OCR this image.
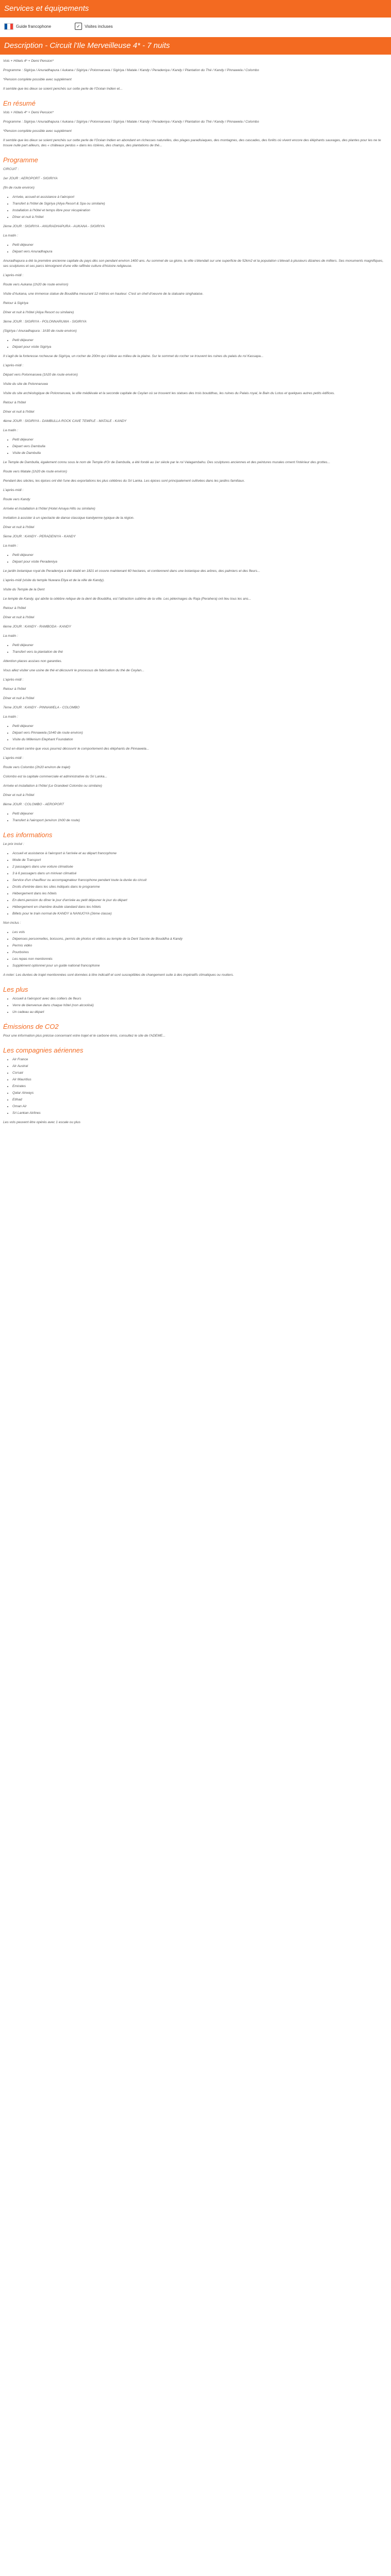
Services et équipements
Guide francophone	✓	Visites incluses
Description - Circuit l'Ile Merveilleuse 4* - 7 nuits

Vols + Hôtels 4* + Demi Pension*

Programme : Sigiriya / Anuradhapura / Aukana / Sigiriya / Polonnaruwa / Sigiriya / Matale / Kandy / Peradeniya / Kandy / Plantation du Thé / Kandy / Pinnawela / Colombo

*Pension complète possible avec supplément

Il semble que les dieux se soient penchés sur cette perle de l'Océan Indien et...

En résumé

Vols + Hôtels 4* + Demi Pension*

Programme : Sigiriya / Anuradhapura / Aukana / Sigiriya / Polonnaruwa / Sigiriya / Matale / Kandy / Peradeniya / Kandy / Plantation du Thé / Kandy / Pinnawela / Colombo

*Pension complète possible avec supplément

Il semble que les dieux se soient penchés sur cette perle de l'Océan Indien en abondant en richesses naturelles, des plages paradisiaques, des montagnes, des cascades, des forêts où vivent encore des éléphants sauvages, des plantes pour les ne te trouve nulle part ailleurs, des « châteaux perdus » dans les rizières, des champs, des plantations de thé...

Programme

CIRCUIT :

1er JOUR : AEROPORT - SIGIRIYA

(fin de route environ)

• Arrivée, accueil et assistance à l'aéroport
• Transfert à l'hôtel de Sigiriya (Aliya Resort & Spa ou similaire)
• Installation à l'hôtel et temps libre pour récupération
• Dîner et nuit à l'hôtel

2ème JOUR : SIGIRIYA - ANURADHAPURA - AUKANA - SIGIRIYA

La matin :

• Petit déjeuner
• Départ vers Anuradhapura

Anuradhapura a été la première ancienne capitale du pays dès son pendant environ 1400 ans. Au sommet de sa gloire, la ville s'étendait sur une superficie de 52km2 et la population s'élevait à plusieurs dizaines de milliers. Ses monuments magnifiques, ses sculptures et ses parcs témoignent d'une ville raffinée culture d'histoire religieuse.

L'après-midi :

Route vers Aukana (1h20 de route environ)

Visite d'Aukana, une immense statue de Bouddha mesurant 12 mètres en hauteur. C'est un chef-d'oeuvre de la statuaire singhalaise.

Retour à Sigiriya

Dîner et nuit à l'hôtel (Aliya Resort ou similaire)

3ème JOUR : SIGIRIYA - POLONNARUWA - SIGIRIYA

(Sigiriya / Anuradhapura : 1h30 de route environ)

• Petit déjeuner
• Départ pour visite Sigiriya

Il s'agit de la forteresse rocheuse de Sigiriya, un rocher de 200m qui s'élève au milieu de la plaine. Sur le sommet du rocher se trouvent les ruines du palais du roi Kassapa...

L'après-midi :

Départ vers Polonnaruwa (1h20 de route environ)

Visite du site de Polonnaruwa

Visite du site archéologique de Polonnaruwa, la ville médiévale et la seconde capitale de Ceylan où se trouvent les statues des trois bouddhas, les ruines du Palais royal, le Bain du Lotus et quelques autres petits édifices.

Retour à l'hôtel

Dîner et nuit à l'hôtel

4ème JOUR : SIGIRIYA - DAMBULLA ROCK CAVE TEMPLE - MATALE - KANDY

La matin :

• Petit déjeuner
• Départ vers Dambulla
• Visite de Dambulla

Le Temple de Dambulla, également connu sous le nom de Temple d'Or de Dambulla, a été fondé au 1er siècle par le roi Valagambahu. Des sculptures anciennes et des peintures murales ornent l'intérieur des grottes...

Route vers Matale (1h20 de route environ)

Pendant des siècles, les épices ont été l'une des exportations les plus célèbres du Sri Lanka. Les épices sont principalement cultivées dans les jardins familiaux.

L'après-midi :

Route vers Kandy

Arrivée et installation à l'hôtel (Hotel Amaya Hills ou similaire)

Invitation à assister à un spectacle de danse classique kandyenne typique de la région.

Dîner et nuit à l'hôtel

5ème JOUR : KANDY - PERADENIYA - KANDY

La matin :

• Petit déjeuner
• Départ pour visite Peradeniya

Le jardin botanique royal de Peradeniya a été établi en 1821 et couvre maintenant 60 hectares, et contiennent dans une botanique des arbres, des palmiers et des fleurs...

L'après-midi (visite du temple Nuwara Eliya et de la ville de Kandy).

Visite du Temple de la Dent

Le temple de Kandy, qui abrite la célèbre relique de la dent de Bouddha, est l'attraction sublime de la ville. Les pèlerinages du Raja (Perahera) ont lieu tous les ans...

Retour à l'hôtel

Dîner et nuit à l'hôtel

6ème JOUR : KANDY - RAMBODA - KANDY

La matin :

• Petit déjeuner
• Transfert vers la plantation de thé

Attention places assises non garanties.

Vous allez visiter une usine de thé et découvrir le processus de fabrication du thé de Ceylan...

L'après-midi :

Retour à l'hôtel

Dîner et nuit à l'hôtel

7ème JOUR : KANDY - PINNAWELA - COLOMBO

La matin :

• Petit déjeuner
• Départ vers Pinnawela (1h40 de route environ)
• Visite du Millenium Elephant Foundation

C'est en étant centre que vous pourrez découvrir le comportement des éléphants de Pinnawela...

L'après-midi :

Route vers Colombo (2h20 environ de trajet)

Colombo est la capitale commerciale et administrative du Sri Lanka...

Arrivée et installation à l'hôtel (Le Grandeet Colombo ou similaire)

Dîner et nuit à l'hôtel

8ème JOUR : COLOMBO - AEROPORT

• Petit déjeuner
• Transfert à l'aéroport (environ 1h00 de route)
Les informations

Le prix inclut :

• Accueil et assistance à l'aéroport à l'arrivée et au départ francophone
• Mode de Transport
• 2 passagers dans une voiture climatisée
• 3 à 6 passagers dans un minivan climatisé
• Service d'un chauffeur ou accompagnateur francophone pendant toute la durée du circuit
• Droits d'entrée dans les sites indiqués dans le programme
• Hébergement dans les hôtels
• En demi-pension du dîner le jour d'arrivée au petit déjeuner le jour du départ
• Hébergement en chambre double standard dans les hôtels
• Billets pour le train normal de KANDY à NANUOYA (2ème classe)

Non inclus :

• Les vols
• Dépenses personnelles, boissons, permis de photos et vidéos au temple de la Dent Sacrée de Bouddha à Kandy
• Permis vidéo
• Pourboires
• Les repas non mentionnés
• Supplément optionnel pour un guide national francophone

A noter: Les durées de trajet mentionnées sont données à titre indicatif et sont susceptibles de changement suite à des impératifs climatiques ou routiers.

Les plus
• Accueil à l'aéroport avec des colliers de fleurs
• Verre de bienvenue dans chaque hôtel (non alcoolisé)
• Un cadeau au départ
Émissions de CO2

Pour une information plus précise concernant votre trajet et le carbone émis, consultez le site de l'ADEME...

Les compagnies aériennes
• Air France
• Air Austral
• Corsair
• Air Mauritius
• Emirates
• Qatar Airways
• Etihad
• Oman Air
• Sri Lankan Airlines

Les vols peuvent être opérés avec 1 escale ou plus
